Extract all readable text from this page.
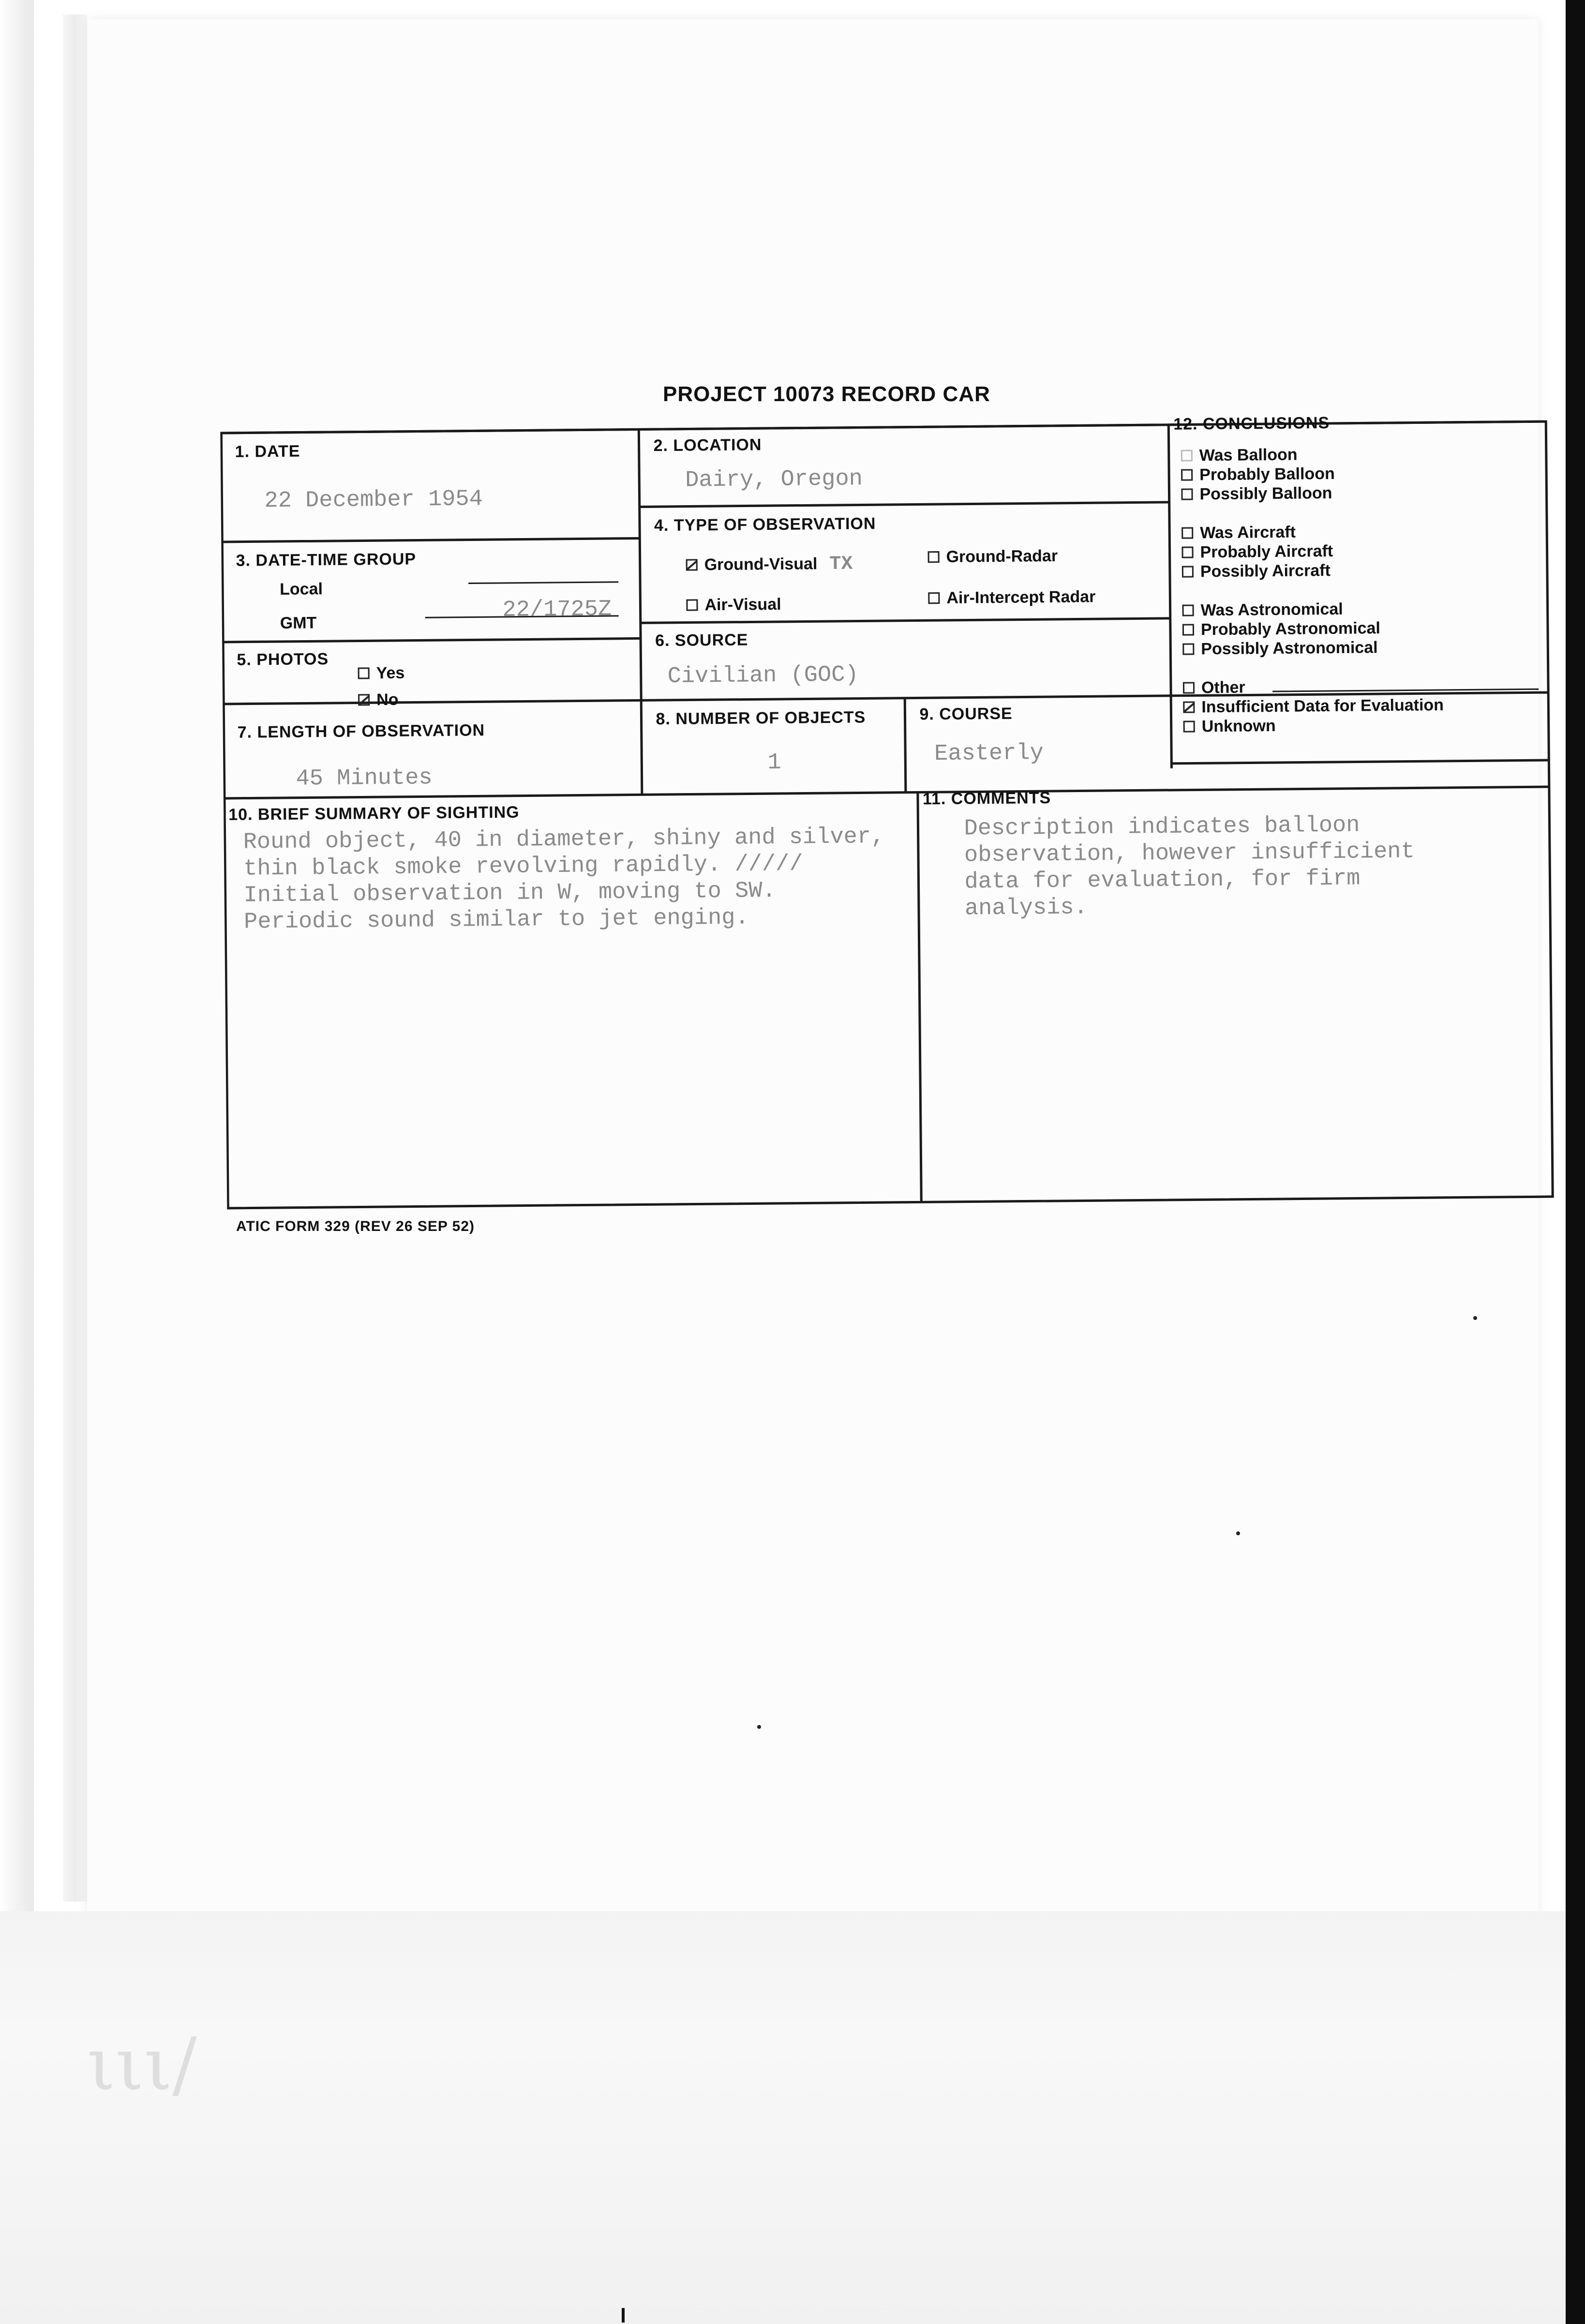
ιιι/
PROJECT 10073 RECORD CAR
1. DATE
22 December 1954
2. LOCATION
Dairy, Oregon
3. DATE-TIME GROUP
Local
GMT	22/1725Z
4. TYPE OF OBSERVATION
Ground-Visual TX	Ground-Radar
Air-Visual	Air-Intercept Radar
5. PHOTOS
Yes
No
6. SOURCE
Civilian (GOC)
7. LENGTH OF OBSERVATION
45 Minutes
8. NUMBER OF OBJECTS
1
9. COURSE
Easterly
10. BRIEF SUMMARY OF SIGHTING
Round object, 40 in diameter, shiny and silver,
thin black smoke revolving rapidly. /////
Initial observation in W, moving to SW.
Periodic sound similar to jet enging.
11. COMMENTS
Description indicates balloon
observation, however insufficient
data for evaluation, for firm
analysis.
12. CONCLUSIONS
Was Balloon
Probably Balloon
Possibly Balloon
Was Aircraft
Probably Aircraft
Possibly Aircraft
Was Astronomical
Probably Astronomical
Possibly Astronomical
Other
Insufficient Data for Evaluation
Unknown
ATIC FORM 329 (REV 26 SEP 52)
